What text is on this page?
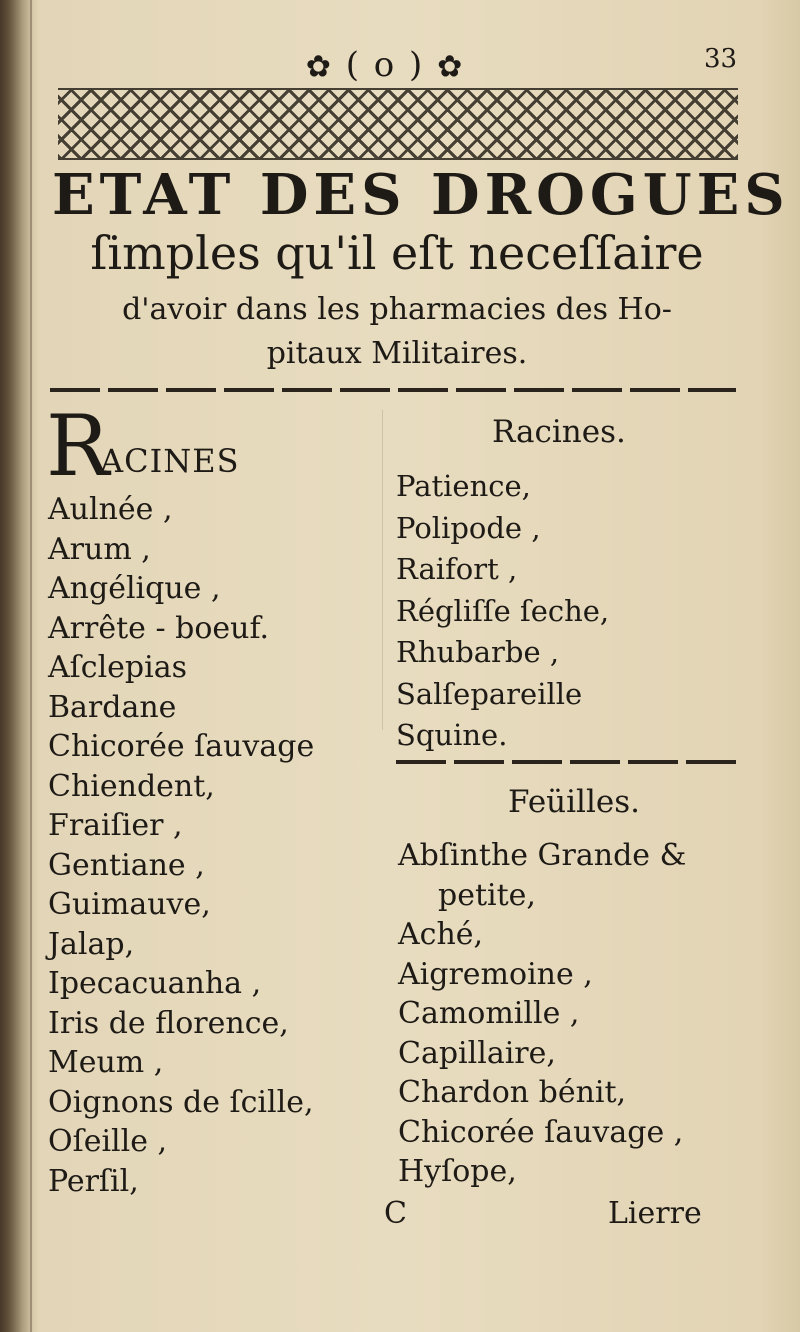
✿ ( o ) ✿	33
ETAT DES DROGUES
ſimples qu'il eſt neceſſaire
d'avoir dans les pharmacies des Ho-
pitaux Militaires.
R
ACINES
Aulnée ,
Arum ,
Angélique ,
Arrête - boeuf.
Aſclepias
Bardane
Chicorée ſauvage
Chiendent,
Fraiſier ,
Gentiane ,
Guimauve,
Jalap,
Ipecacuanha ,
Iris de florence,
Meum ,
Oignons de ſcille,
Oſeille ,
Perſil,
Racines.
Patience,
Polipode ,
Raifort ,
Régliſſe ſeche,
Rhubarbe ,
Salſepareille
Squine.
Feüilles.
Abſinthe Grande &
petite,
Aché,
Aigremoine ,
Camomille ,
Capillaire,
Chardon bénit,
Chicorée ſauvage ,
Hyſope,
C	Lierre
